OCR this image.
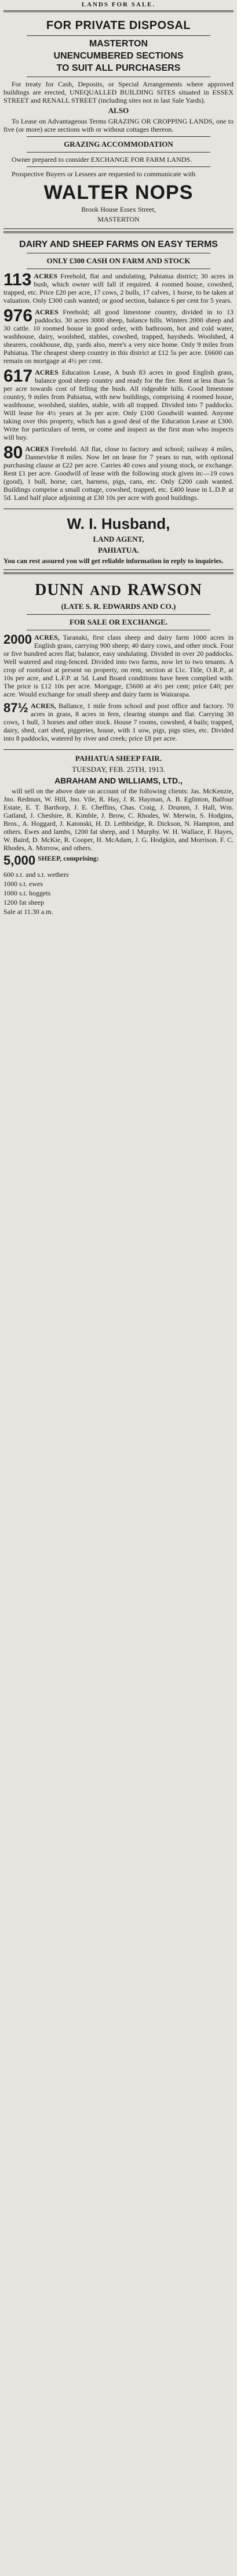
LANDS FOR SALE.
FOR PRIVATE DISPOSAL
MASTERTON
UNENCUMBERED SECTIONS
TO SUIT ALL PURCHASERS

For treaty for Cash, Deposits, or Special Arrangements where approved buildings are erected, UNEQUALLED BUILDING SITES situated in ESSEX STREET and RENALL STREET (including sites not in last Sale Yards).

ALSO

To Lease on Advantageous Terms GRAZING OR CROPPING LANDS, one to five (or more) acre sections with or without cottages thereon.

GRAZING ACCOMMODATION

Owner prepared to consider EXCHANGE FOR FARM LANDS.

Prospective Buyers or Lessees are requested to communicate with

WALTER NOPS
Brook House Essex Street,
MASTERTON
DAIRY AND SHEEP FARMS ON EASY TERMS
ONLY £300 CASH ON FARM AND STOCK
113 ACRES Freehold, flat and undulating, Pahiatua district; 30 acres in bush, which owner will fall if required. 4 roomed house, cowshed, trapped, etc. Price £20 per acre, 17 cows, 2 bulls, 17 calves, 1 horse, to be taken at valuation. Only £300 cash wanted; or good section, balance 6 per cent for 5 years.
976 ACRES Freehold; all good limestone country, divided in to 13 paddocks. 30 acres 3000 sheep, balance hills. Winters 2000 sheep and 30 cattle. 10 roomed house in good order, with bathroom, hot and cold water, washhouse, dairy, woolshed, stables, cowshed, trapped, haysheds. Woolshed, 4 shearers, cookhouse, dip, yards also, mere's a very nice home. Only 9 miles from Pahiatua. The cheapest sheep country in this district at £12 5s per acre. £6600 can remain on mortgage at 4½ per cent.
617 ACRES Education Lease, A bush 83 acres in good English grass, balance good sheep country and ready for the fire. Rent at less than 5s per acre towards cost of felling the bush. All ridgeable hills. Good limestone country, 9 miles from Pahiatua, with new buildings, comprising 4 roomed house, washhouse, woolshed, stables, stable, with all trapped. Divided into 7 paddocks. Will lease for 4½ years at 3s per acre. Only £100 Goodwill wanted. Anyone taking over this property, which has a good deal of the Education Lease at £300. Write for particulars of term, or come and inspect as the first man who inspects will buy.
80 ACRES Freehold. All flat, close to factory and school; railway 4 miles, Dannevirke 8 miles. Now let on lease for 7 years to run, with optional purchasing clause at £22 per acre. Carries 40 cows and young stock, or exchange. Rent £1 per acre. Goodwill of lease with the following stock given in:—19 cows (good), 1 bull, horse, cart, harness, pigs, cans, etc. Only £200 cash wanted. Buildings comprise a small cottage, cowshed, trapped, etc. £400 lease in L.D.P. at 5d. Land half place adjoining at £30 10s per acre with good buildings.
W. I. Husband,
LAND AGENT,
PAHIATUA.

You can rest assured you will get reliable information in reply to inquiries.

DUNN AND RAWSON
(LATE S. R. EDWARDS AND CO.)
FOR SALE OR EXCHANGE.
2000 ACRES, Taranaki, first class sheep and dairy farm 1000 acres in English grass, carrying 900 sheep; 40 dairy cows, and other stock. Four or five hundred acres flat; balance, easy undulating. Divided in over 20 paddocks. Well watered and ring-fenced. Divided into two farms, now let to two tenants. A crop of rootsfoot at present on property, on rent, section at £1c. Title, O.R.P., at 10s per acre, and L.F.P. at 5d. Land Board conditions have been complied with. The price is £12 10s per acre. Mortgage, £5600 at 4½ per cent; price £40; per acre. Would exchange for small sheep and dairy farm in Wairarapa.
87½ ACRES, Ballance, 1 mile from school and post office and factory. 70 acres in grass, 8 acres in fern, clearing stumps and flat. Carrying 30 cows, 1 bull, 3 horses and other stock. House 7 rooms, cowshed, 4 bails; trapped, dairy, shed, cart shed, piggeries, house, with 1 sow, pigs, pigs sties, etc. Divided into 8 paddocks, watered by river and creek; price £8 per acre.
PAHIATUA SHEEP FAIR.
TUESDAY, FEB. 25TH, 1913.
ABRAHAM AND WILLIAMS, LTD.,

will sell on the above date on account of the following clients: Jas. McKenzie, Jno. Redman, W. Hill, Jno. Vile, R. Hay, J. R. Hayman, A. B. Eglinton, Balfour Estate, E. T. Barthorp, J. E. Cheffins, Chas. Craig, J. Drumm, J. Hall, Wm. Gatland, J. Cheshire, R. Kimble, J. Brow, C. Rhodes, W. Merwin, S. Hodgins, Bros., A. Hoggard, J. Katonski, H. D. Lethbridge, R. Dickson, N. Hampton, and others. Ewes and lambs, 1200 fat sheep, and 1 Murphy. W. H. Wallace, F. Hayes, W. Baird, D. McKie, R. Cooper, H. McAdam, J. G. Hodgkin, and Morrison. F. C. Rhodes, A. Morrow, and others.

5,000 SHEEP, comprising:
600 s.t. and s.t. wethers
1000 s.t. ewes
1000 s.t. hoggets
1200 fat sheep
Sale at 11.30 a.m.
